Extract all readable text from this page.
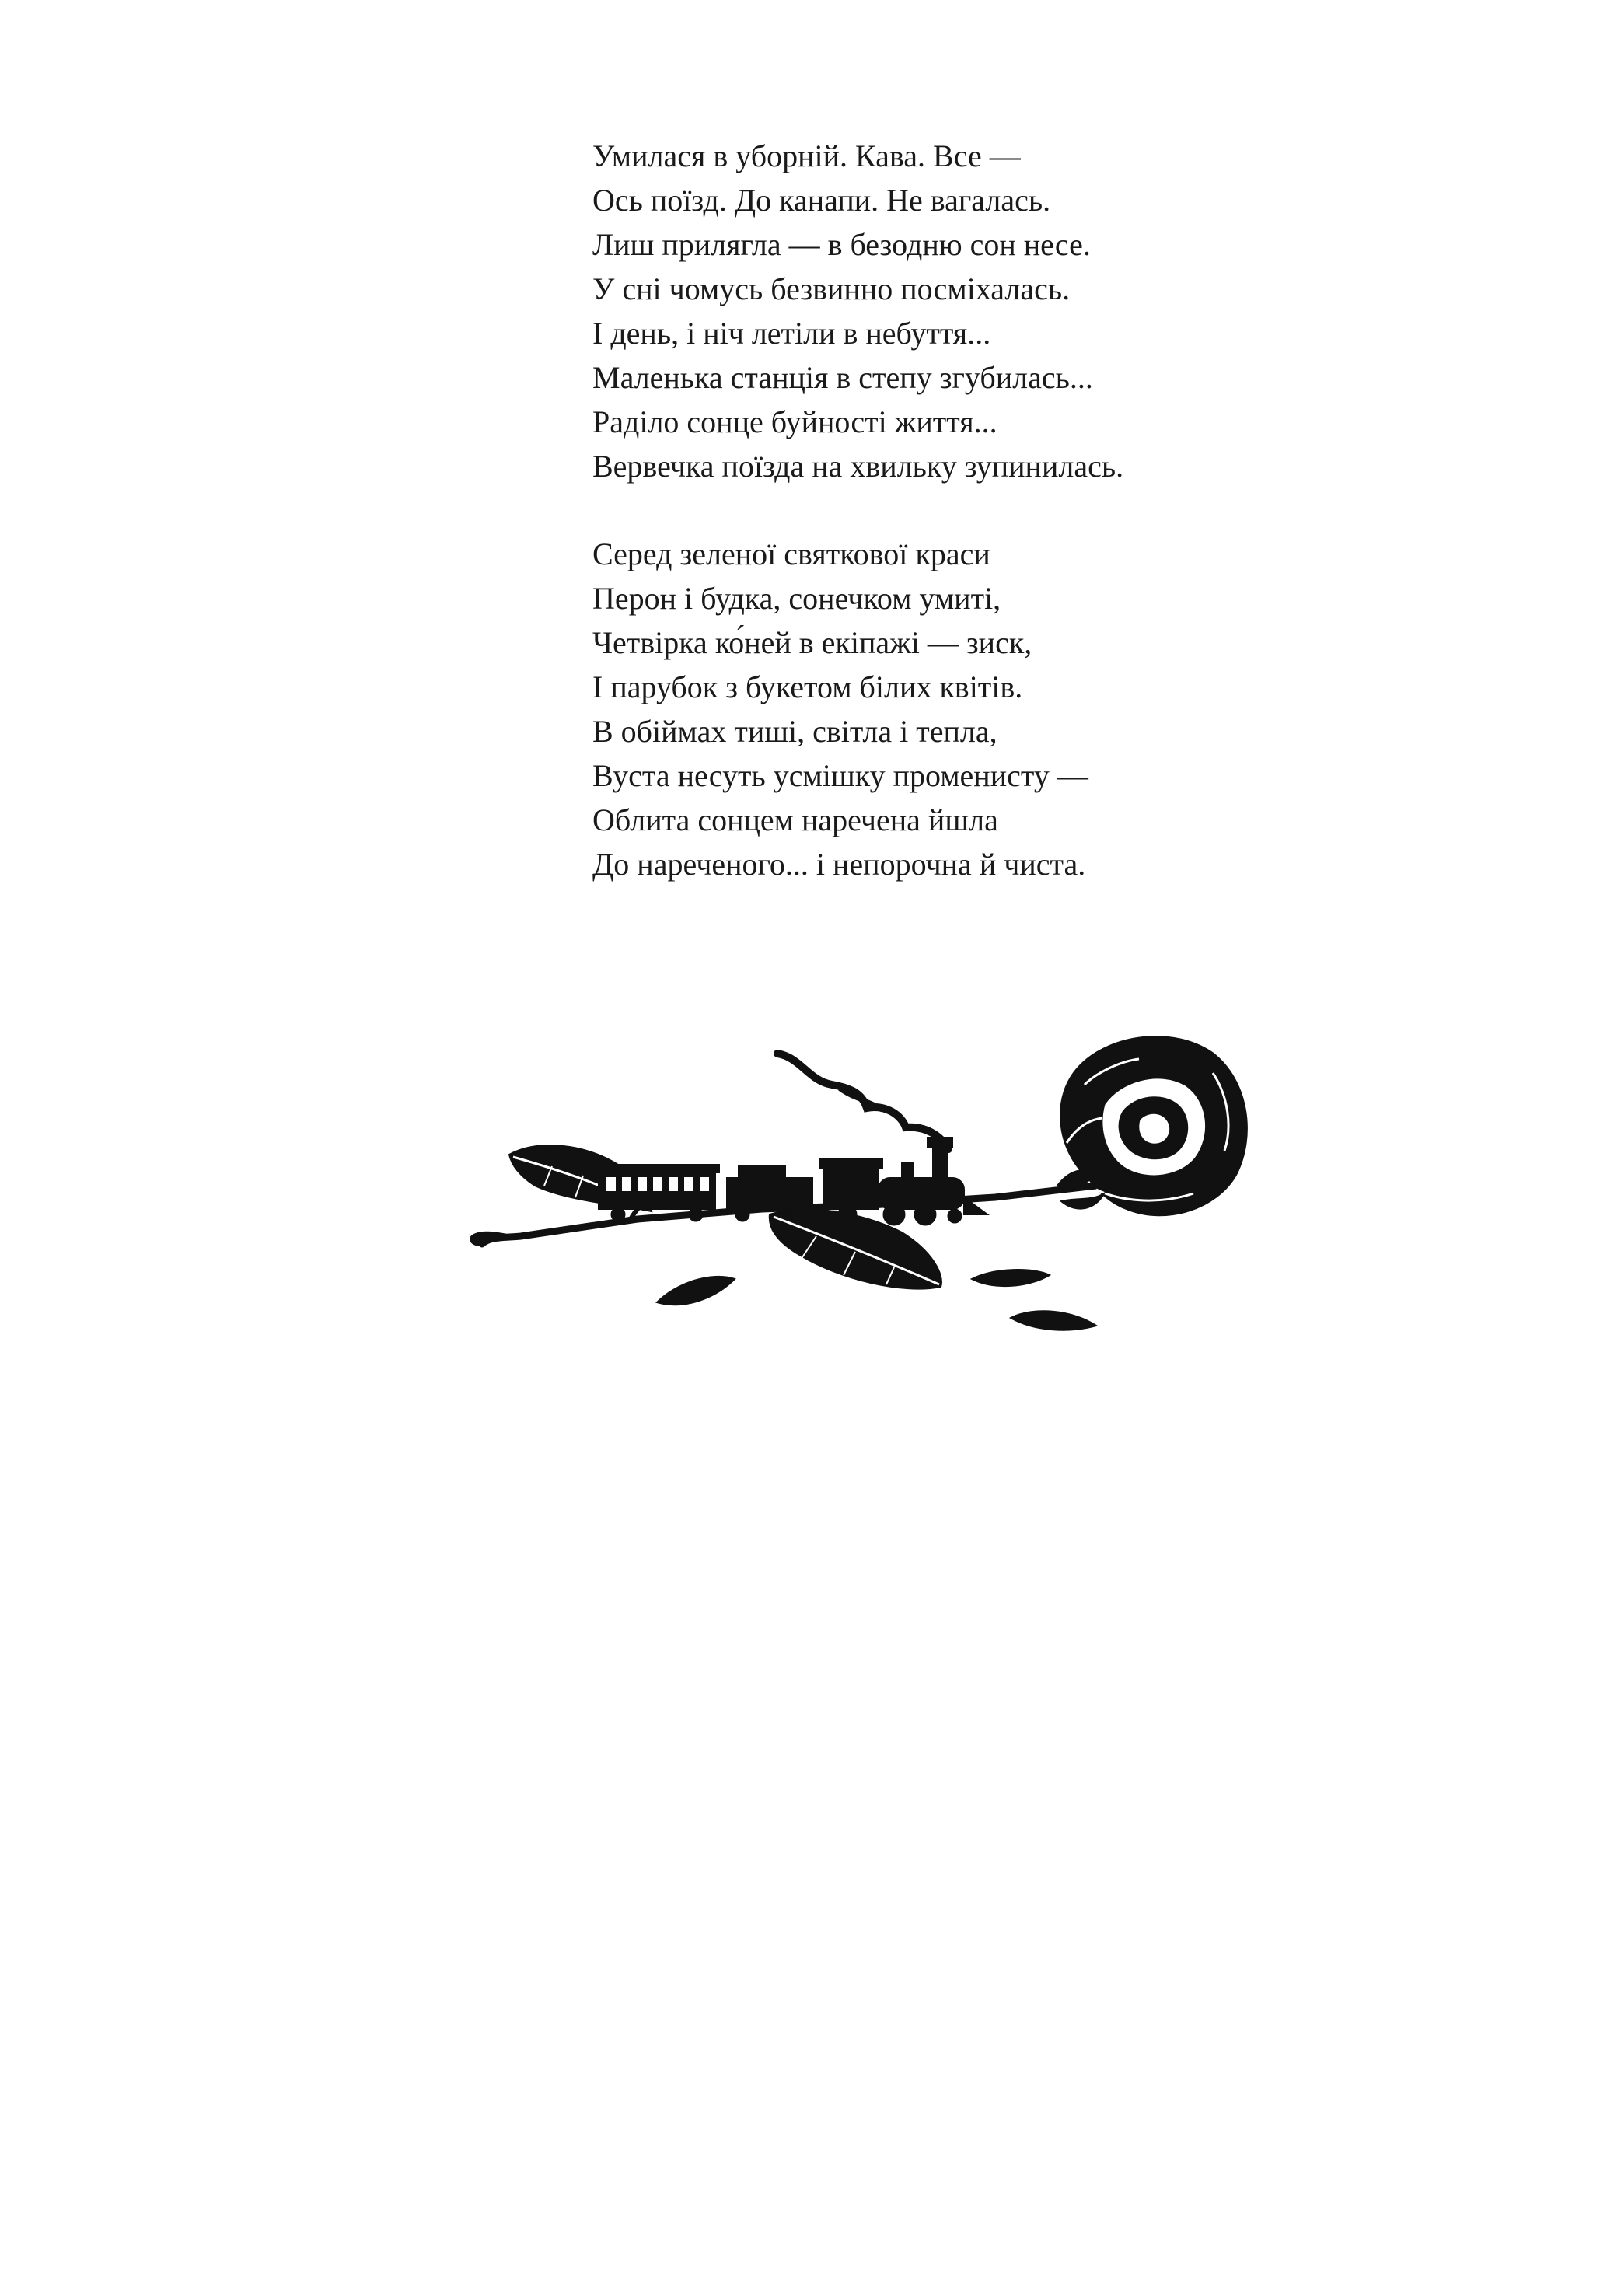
Умилася в уборній. Кава. Все —
Ось поїзд. До канапи. Не вагалась.
Лиш прилягла — в безодню сон несе.
У сні чомусь безвинно посміхалась.
І день, і ніч летіли в небуття...
Маленька станція в степу згубилась...
Раділо сонце буйності життя...
Вервечка поїзда на хвильку зупинилась.

Серед зеленої святкової краси
Перон і будка, сонечком умиті,
Четвірка ко́ней в екіпажі — зиск,
І парубок з букетом білих квітів.
В обіймах тиші, світла і тепла,
Вуста несуть усмішку променисту —
Облита сонцем наречена йшла
До нареченого... і непорочна й чиста.
